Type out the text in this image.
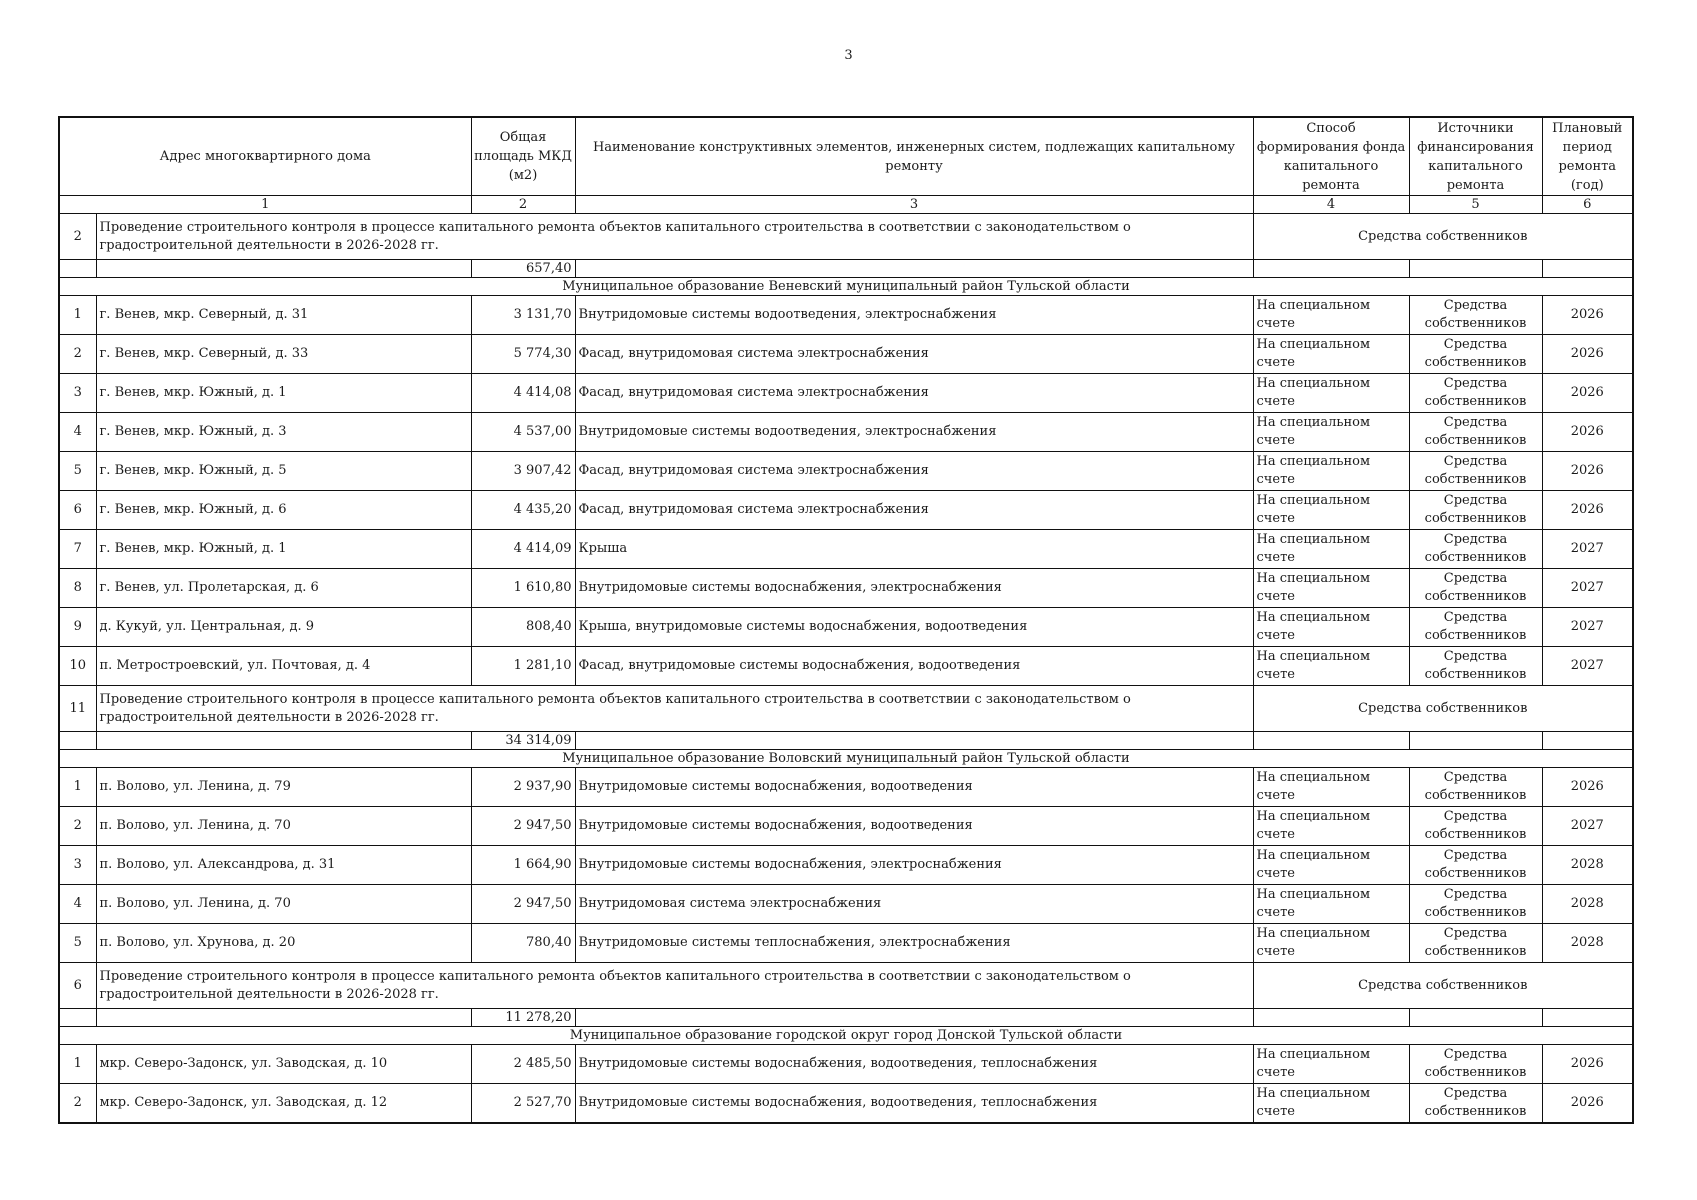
3
Адрес многоквартирного дома		Общая площадь МКД (м2)	Наименование конструктивных элементов, инженерных систем, подлежащих капитальному ремонту	Способ формирования фонда капитального ремонта	Источники финансирования капитального ремонта	Плановый период ремонта (год)
1		2	3	4	5	6
2	Проведение строительного контроля в процессе капитального ремонта объектов капитального строительства в соответствии с законодательством о градостроительной деятельности в 2026-2028 гг.			Средства собственников		
		657,40				
Муниципальное образование Веневский муниципальный район Тульской области						
1	г. Венев, мкр. Северный, д. 31	3 131,70	Внутридомовые системы водоотведения, электроснабжения	На специальном счете	Средства собственников	2026
2	г. Венев, мкр. Северный, д. 33	5 774,30	Фасад, внутридомовая система электроснабжения	На специальном счете	Средства собственников	2026
3	г. Венев, мкр. Южный, д. 1	4 414,08	Фасад, внутридомовая система электроснабжения	На специальном счете	Средства собственников	2026
4	г. Венев, мкр. Южный, д. 3	4 537,00	Внутридомовые системы водоотведения, электроснабжения	На специальном счете	Средства собственников	2026
5	г. Венев, мкр. Южный, д. 5	3 907,42	Фасад, внутридомовая система электроснабжения	На специальном счете	Средства собственников	2026
6	г. Венев, мкр. Южный, д. 6	4 435,20	Фасад, внутридомовая система электроснабжения	На специальном счете	Средства собственников	2026
7	г. Венев, мкр. Южный, д. 1	4 414,09	Крыша	На специальном счете	Средства собственников	2027
8	г. Венев, ул. Пролетарская, д. 6	1 610,80	Внутридомовые системы водоснабжения, электроснабжения	На специальном счете	Средства собственников	2027
9	д. Кукуй, ул. Центральная, д. 9	808,40	Крыша, внутридомовые системы водоснабжения, водоотведения	На специальном счете	Средства собственников	2027
10	п. Метростроевский, ул. Почтовая, д. 4	1 281,10	Фасад, внутридомовые системы водоснабжения, водоотведения	На специальном счете	Средства собственников	2027
11	Проведение строительного контроля в процессе капитального ремонта объектов капитального строительства в соответствии с законодательством о градостроительной деятельности в 2026-2028 гг.			Средства собственников		
		34 314,09				
Муниципальное образование Воловский муниципальный район Тульской области						
1	п. Волово, ул. Ленина, д. 79	2 937,90	Внутридомовые системы водоснабжения, водоотведения	На специальном счете	Средства собственников	2026
2	п. Волово, ул. Ленина, д. 70	2 947,50	Внутридомовые системы водоснабжения, водоотведения	На специальном счете	Средства собственников	2027
3	п. Волово, ул. Александрова, д. 31	1 664,90	Внутридомовые системы водоснабжения, электроснабжения	На специальном счете	Средства собственников	2028
4	п. Волово, ул. Ленина, д. 70	2 947,50	Внутридомовая система электроснабжения	На специальном счете	Средства собственников	2028
5	п. Волово, ул. Хрунова, д. 20	780,40	Внутридомовые системы теплоснабжения, электроснабжения	На специальном счете	Средства собственников	2028
6	Проведение строительного контроля в процессе капитального ремонта объектов капитального строительства в соответствии с законодательством о градостроительной деятельности в 2026-2028 гг.			Средства собственников		
		11 278,20				
Муниципальное образование городской округ город Донской Тульской области						
1	мкр. Северо-Задонск, ул. Заводская, д. 10	2 485,50	Внутридомовые системы водоснабжения, водоотведения, теплоснабжения	На специальном счете	Средства собственников	2026
2	мкр. Северо-Задонск, ул. Заводская, д. 12	2 527,70	Внутридомовые системы водоснабжения, водоотведения, теплоснабжения	На специальном счете	Средства собственников	2026
